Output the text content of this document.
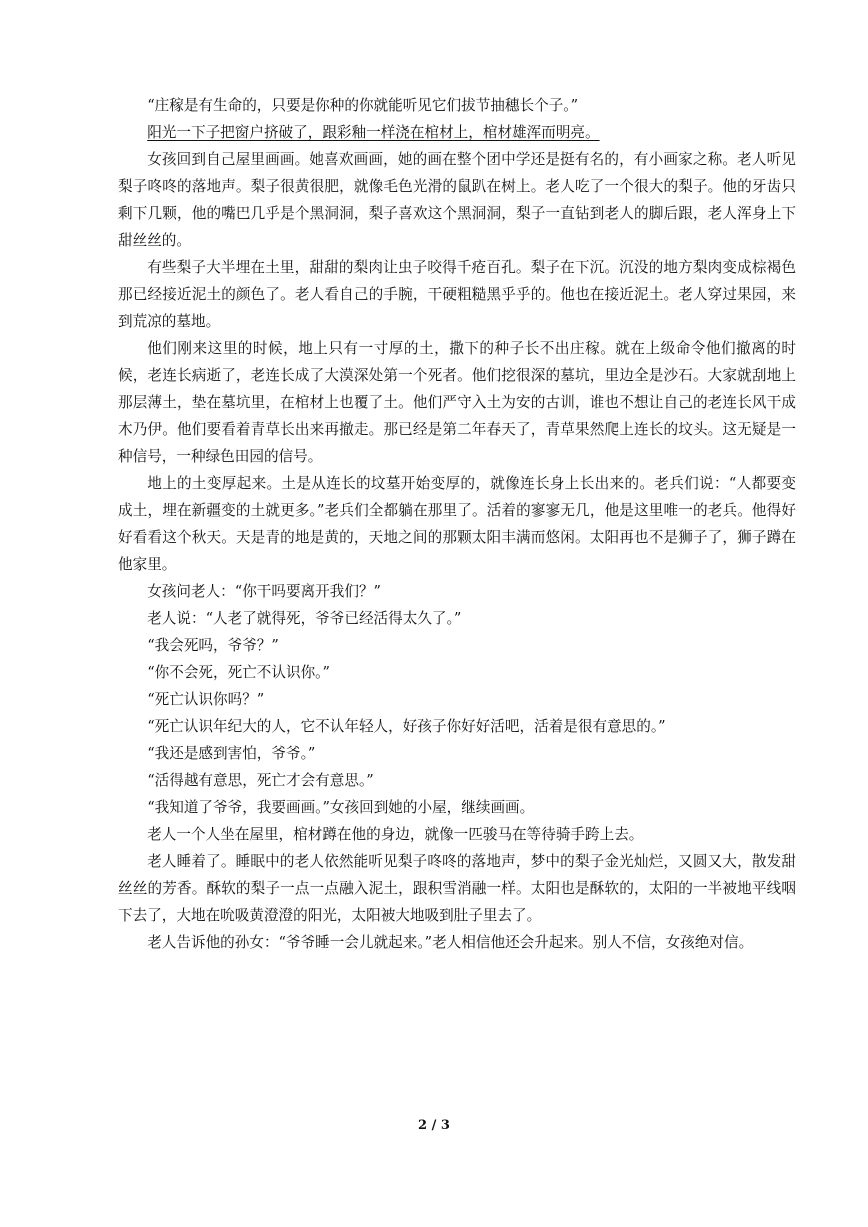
“庄稼是有生命的，只要是你种的你就能听见它们拔节抽穗长个子。”

阳光一下子把窗户挤破了，跟彩釉一样浇在棺材上，棺材雄浑而明亮。

女孩回到自己屋里画画。她喜欢画画，她的画在整个团中学还是挺有名的，有小画家之称。老人听见梨子咚咚的落地声。梨子很黄很肥，就像毛色光滑的鼠趴在树上。老人吃了一个很大的梨子。他的牙齿只剩下几颗，他的嘴巴几乎是个黑洞洞，梨子喜欢这个黑洞洞，梨子一直钻到老人的脚后跟，老人浑身上下甜丝丝的。

有些梨子大半埋在土里，甜甜的梨肉让虫子咬得千疮百孔。梨子在下沉。沉没的地方梨肉变成棕褐色那已经接近泥土的颜色了。老人看自己的手腕，干硬粗糙黑乎乎的。他也在接近泥土。老人穿过果园，来到荒凉的墓地。

他们刚来这里的时候，地上只有一寸厚的土，撒下的种子长不出庄稼。就在上级命令他们撤离的时候，老连长病逝了，老连长成了大漠深处第一个死者。他们挖很深的墓坑，里边全是沙石。大家就刮地上那层薄土，垫在墓坑里，在棺材上也覆了土。他们严守入土为安的古训，谁也不想让自己的老连长风干成木乃伊。他们要看着青草长出来再撤走。那已经是第二年春天了，青草果然爬上连长的坟头。这无疑是一种信号，一种绿色田园的信号。

地上的土变厚起来。土是从连长的坟墓开始变厚的，就像连长身上长出来的。老兵们说：“人都要变成土，埋在新疆变的土就更多。”老兵们全都躺在那里了。活着的寥寥无几，他是这里唯一的老兵。他得好好看看这个秋天。天是青的地是黄的，天地之间的那颗太阳丰满而悠闲。太阳再也不是狮子了，狮子蹲在他家里。

女孩问老人：“你干吗要离开我们？”

老人说：“人老了就得死，爷爷已经活得太久了。”

“我会死吗，爷爷？”

“你不会死，死亡不认识你。”

“死亡认识你吗？”

“死亡认识年纪大的人，它不认年轻人，好孩子你好好活吧，活着是很有意思的。”

“我还是感到害怕，爷爷。”

“活得越有意思，死亡才会有意思。”

“我知道了爷爷，我要画画。”女孩回到她的小屋，继续画画。

老人一个人坐在屋里，棺材蹲在他的身边，就像一匹骏马在等待骑手跨上去。

老人睡着了。睡眠中的老人依然能听见梨子咚咚的落地声，梦中的梨子金光灿烂，又圆又大，散发甜丝丝的芳香。酥软的梨子一点一点融入泥土，跟积雪消融一样。太阳也是酥软的，太阳的一半被地平线咽下去了，大地在吮吸黄澄澄的阳光，太阳被大地吸到肚子里去了。

老人告诉他的孙女：“爷爷睡一会儿就起来。”老人相信他还会升起来。别人不信，女孩绝对信。

2 / 3
